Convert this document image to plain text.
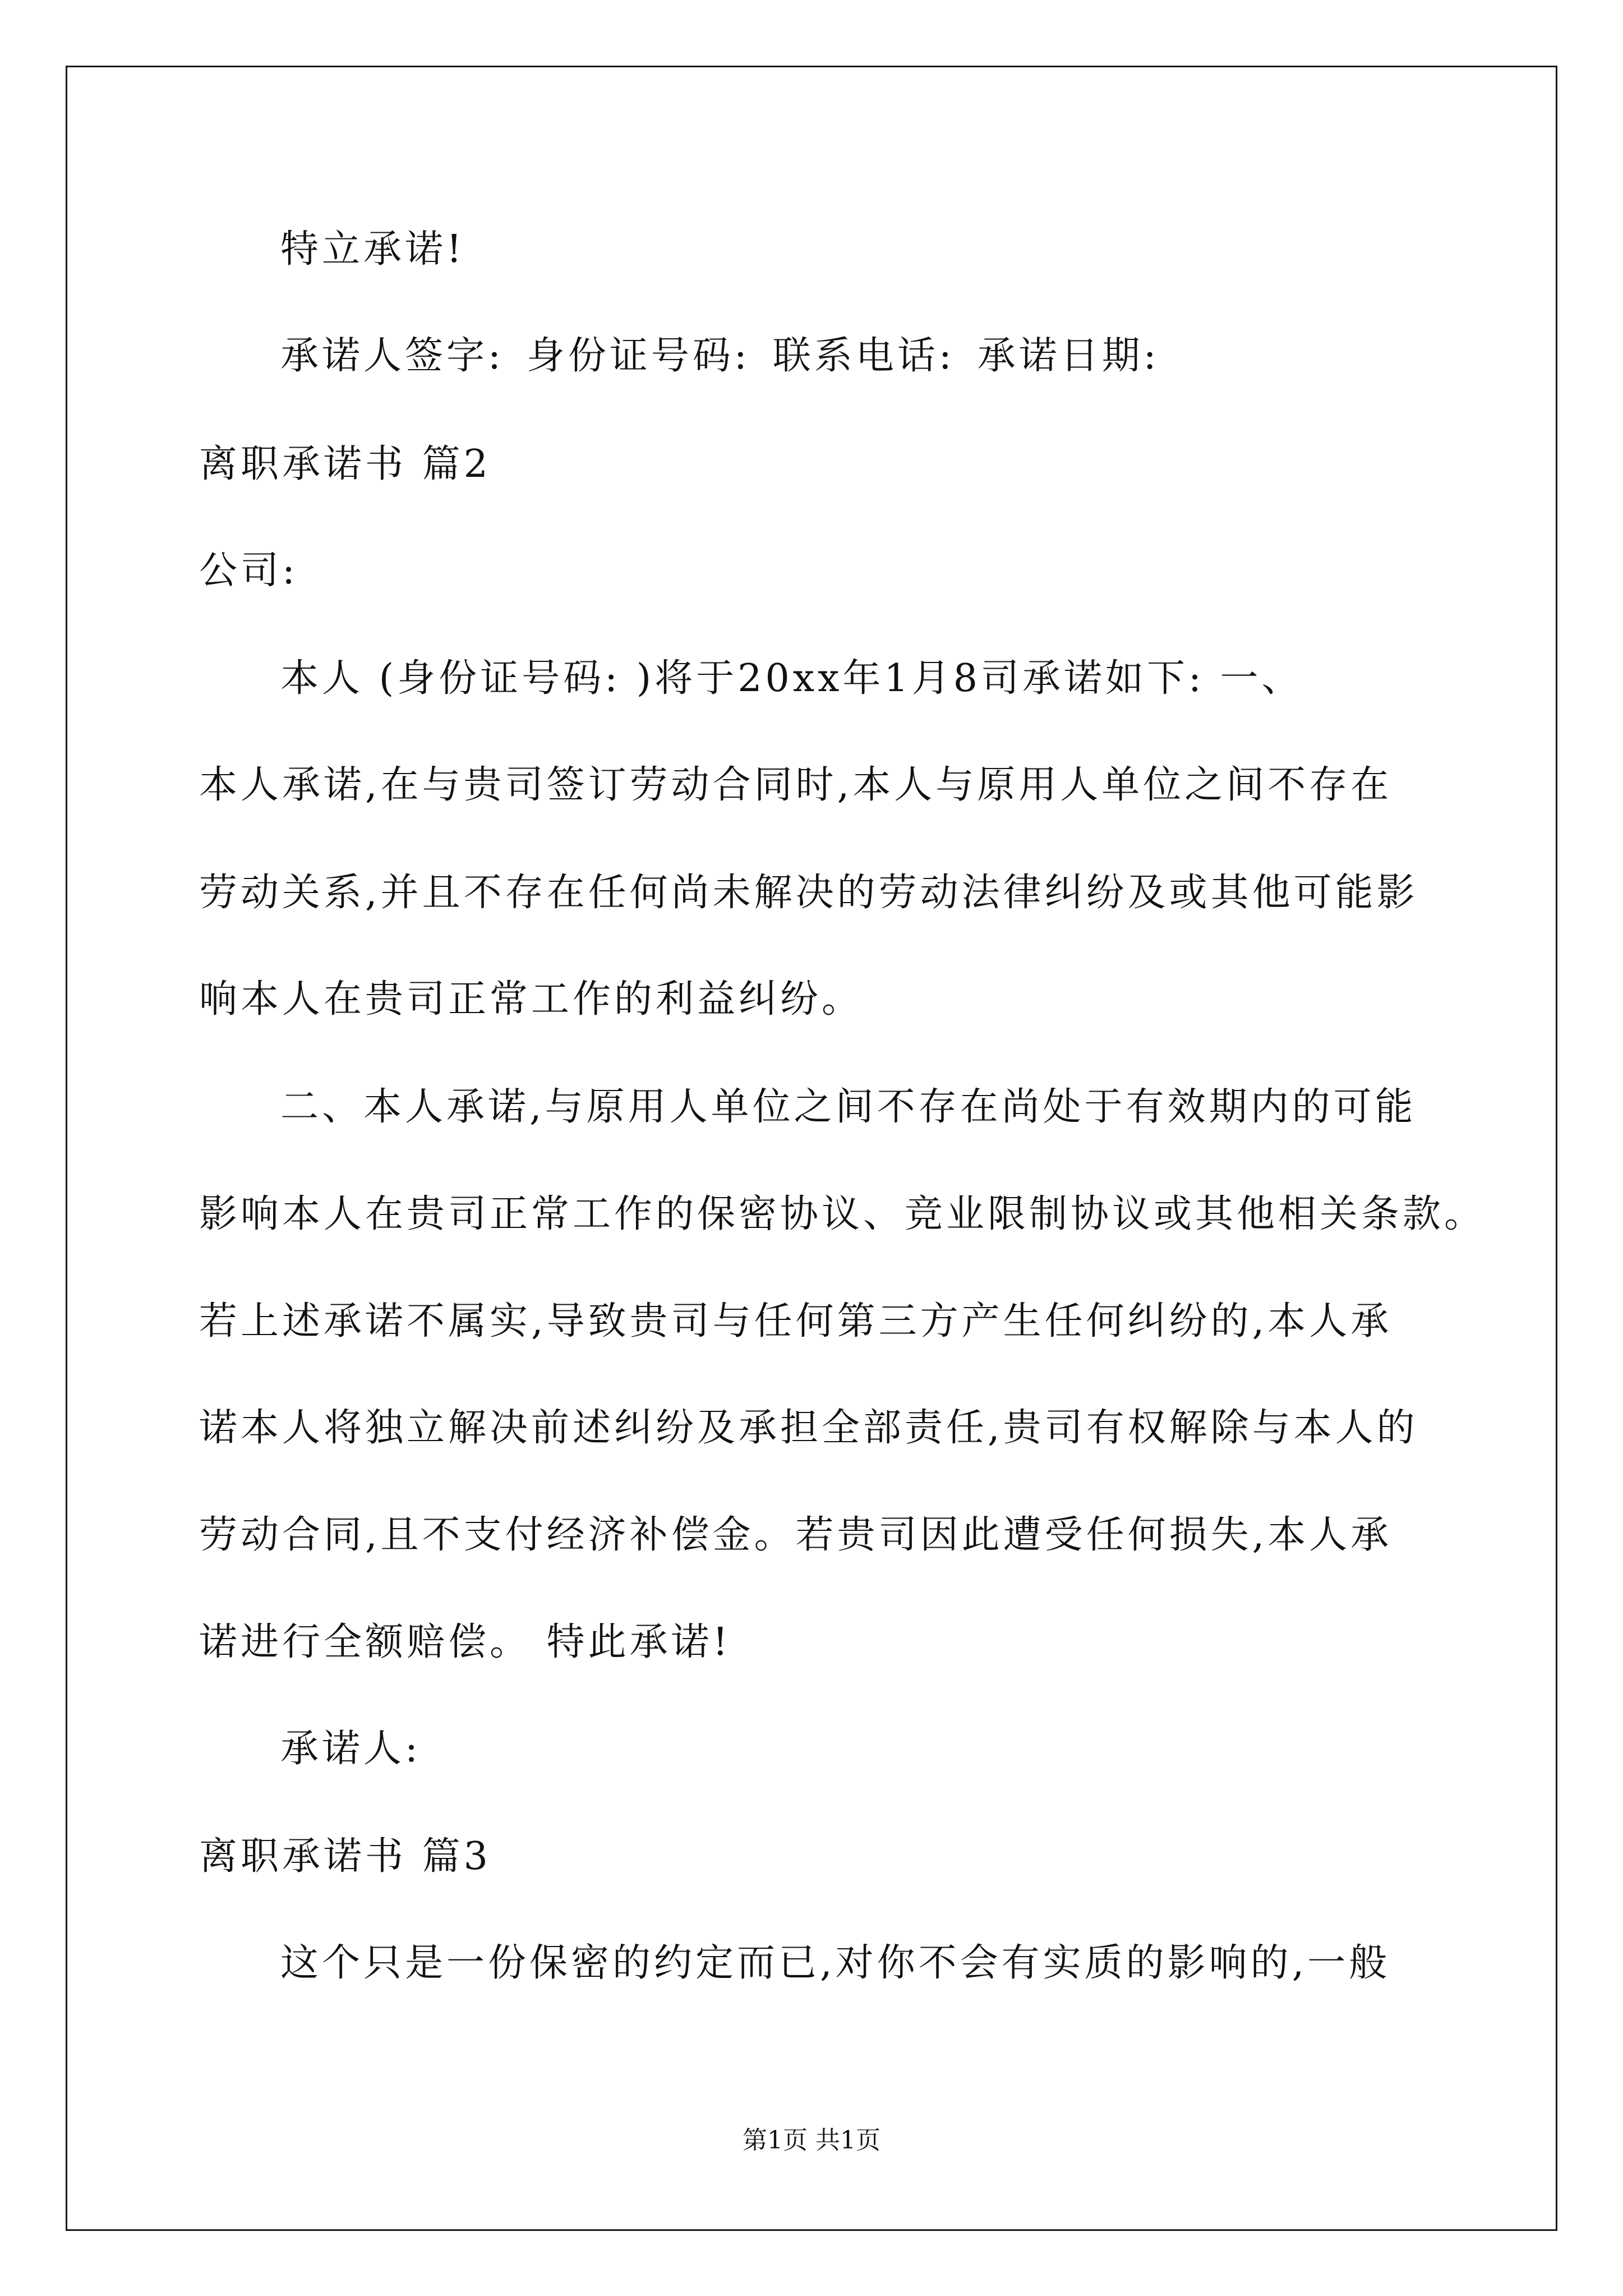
特立承诺!
承诺人签字: 身份证号码: 联系电话: 承诺日期:
离职承诺书 篇2
公司:
本人 (身份证号码: )将于20xx年1月8司承诺如下: 一、
本人承诺,在与贵司签订劳动合同时,本人与原用人单位之间不存在
劳动关系,并且不存在任何尚未解决的劳动法律纠纷及或其他可能影
响本人在贵司正常工作的利益纠纷。
二、本人承诺,与原用人单位之间不存在尚处于有效期内的可能
影响本人在贵司正常工作的保密协议、竞业限制协议或其他相关条款。
若上述承诺不属实,导致贵司与任何第三方产生任何纠纷的,本人承
诺本人将独立解决前述纠纷及承担全部责任,贵司有权解除与本人的
劳动合同,且不支付经济补偿金。若贵司因此遭受任何损失,本人承
诺进行全额赔偿。 特此承诺!
承诺人:
离职承诺书 篇3
这个只是一份保密的约定而已,对你不会有实质的影响的,一般
第1页 共1页
